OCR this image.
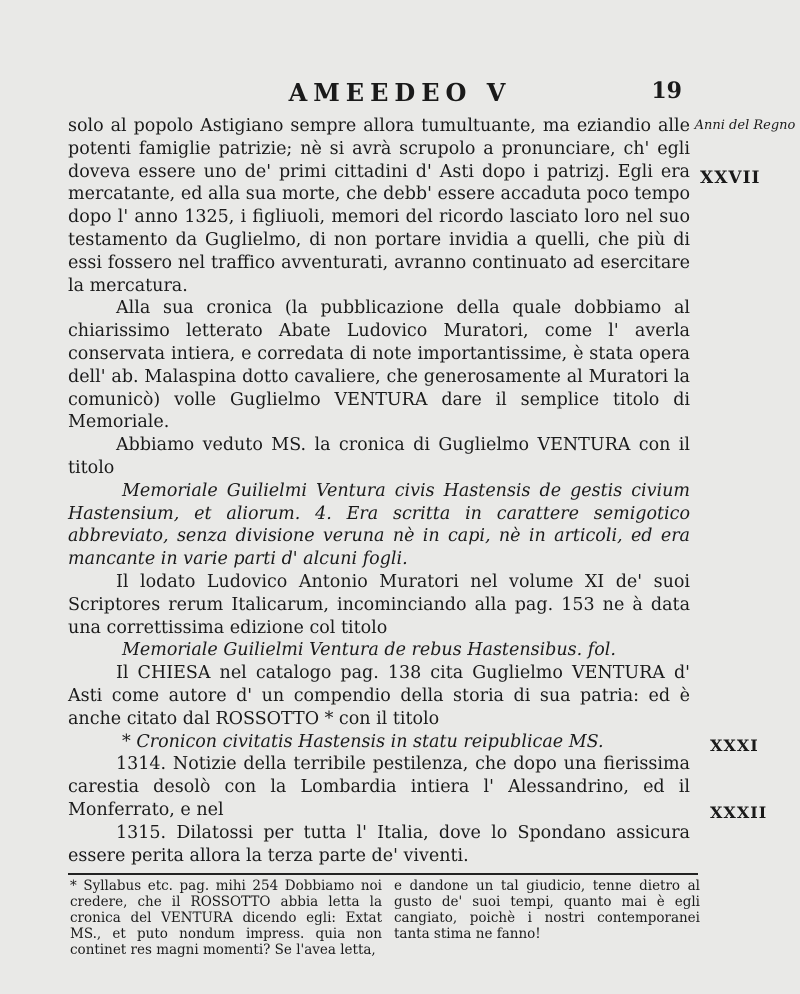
AMEEDEO V	19
Anni del Regno
XXVII

solo al popolo Astigiano sempre allora tumultuante, ma eziandio alle potenti famiglie patrizie; nè si avrà scrupolo a pronunciare, ch' egli doveva essere uno de' primi cittadini d' Asti dopo i patrizj. Egli era mercatante, ed alla sua morte, che debb' essere accaduta poco tempo dopo l' anno 1325, i figliuoli, memori del ricordo lasciato loro nel suo testamento da Guglielmo, di non portare invidia a quelli, che più di essi fossero nel traffico avventurati, avranno continuato ad esercitare la mercatura.

Alla sua cronica (la pubblicazione della quale dobbiamo al chiarissimo letterato Abate Ludovico Muratori, come l' averla conservata intiera, e corredata di note importantissime, è stata opera dell' ab. Malaspina dotto cavaliere, che generosamente al Muratori la comunicò) volle Guglielmo VENTURA dare il semplice titolo di Memoriale.

Abbiamo veduto MS. la cronica di Guglielmo VENTURA con il titolo

Memoriale Guilielmi Ventura civis Hastensis de gestis civium Hastensium, et aliorum. 4. Era scritta in carattere semigotico abbreviato, senza divisione veruna nè in capi, nè in articoli, ed era mancante in varie parti d' alcuni fogli.

Il lodato Ludovico Antonio Muratori nel volume XI de' suoi Scriptores rerum Italicarum, incominciando alla pag. 153 ne à data una correttissima edizione col titolo

Memoriale Guilielmi Ventura de rebus Hastensibus. fol.

Il CHIESA nel catalogo pag. 138 cita Guglielmo VENTURA d' Asti come autore d' un compendio della storia di sua patria: ed è anche citato dal ROSSOTTO * con il titolo

* Cronicon civitatis Hastensis in statu reipublicae MS.

1314. Notizie della terribile pestilenza, che dopo una fierissima carestia desolò con la Lombardia intiera l' Alessandrino, ed il Monferrato, e nel

1315. Dilatossi per tutta l' Italia, dove lo Spondano assicura essere perita allora la terza parte de' viventi.

XXXI
XXXII

* Syllabus etc. pag. mihi 254 Dobbiamo noi credere, che il ROSSOTTO abbia letta la cronica del VENTURA dicendo egli: Extat MS., et puto nondum impress. quia non continet res magni momenti? Se l'avea letta,

e dandone un tal giudicio, tenne dietro al gusto de' suoi tempi, quanto mai è egli cangiato, poichè i nostri contemporanei tanta stima ne fanno!
